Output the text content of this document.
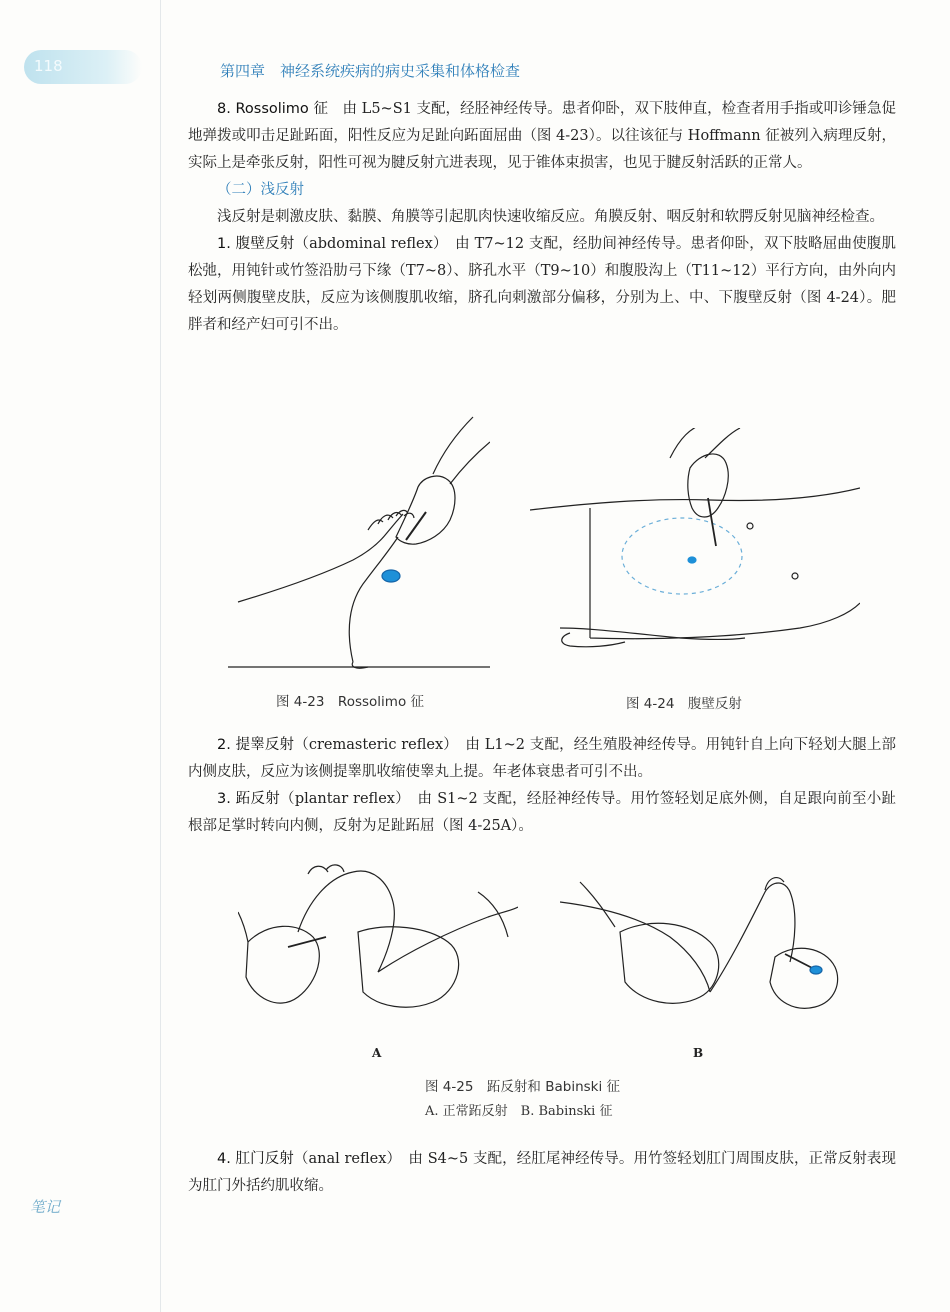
118	第四章　神经系统疾病的病史采集和体格检查

8. Rossolimo 征　由 L5~S1 支配，经胫神经传导。患者仰卧，双下肢伸直，检查者用手指或叩诊锤急促地弹拨或叩击足趾跖面，阳性反应为足趾向跖面屈曲（图 4-23）。以往该征与 Hoffmann 征被列入病理反射，实际上是牵张反射，阳性可视为腱反射亢进表现，见于锥体束损害，也见于腱反射活跃的正常人。

（二）浅反射

浅反射是刺激皮肤、黏膜、角膜等引起肌肉快速收缩反应。角膜反射、咽反射和软腭反射见脑神经检查。

1. 腹壁反射（abdominal reflex）　由 T7~12 支配，经肋间神经传导。患者仰卧，双下肢略屈曲使腹肌松弛，用钝针或竹签沿肋弓下缘（T7~8）、脐孔水平（T9~10）和腹股沟上（T11~12）平行方向，由外向内轻划两侧腹壁皮肤，反应为该侧腹肌收缩，脐孔向刺激部分偏移，分别为上、中、下腹壁反射（图 4-24）。肥胖者和经产妇可引不出。

图 4-23　Rossolimo 征	图 4-24　腹壁反射

2. 提睾反射（cremasteric reflex）　由 L1~2 支配，经生殖股神经传导。用钝针自上向下轻划大腿上部内侧皮肤，反应为该侧提睾肌收缩使睾丸上提。年老体衰患者可引不出。

3. 跖反射（plantar reflex）　由 S1~2 支配，经胫神经传导。用竹签轻划足底外侧，自足跟向前至小趾根部足掌时转向内侧，反射为足趾跖屈（图 4-25A）。

A	B
图 4-25　跖反射和 Babinski 征
A. 正常跖反射　B. Babinski 征

4. 肛门反射（anal reflex）　由 S4~5 支配，经肛尾神经传导。用竹签轻划肛门周围皮肤，正常反射表现为肛门外括约肌收缩。

笔记
